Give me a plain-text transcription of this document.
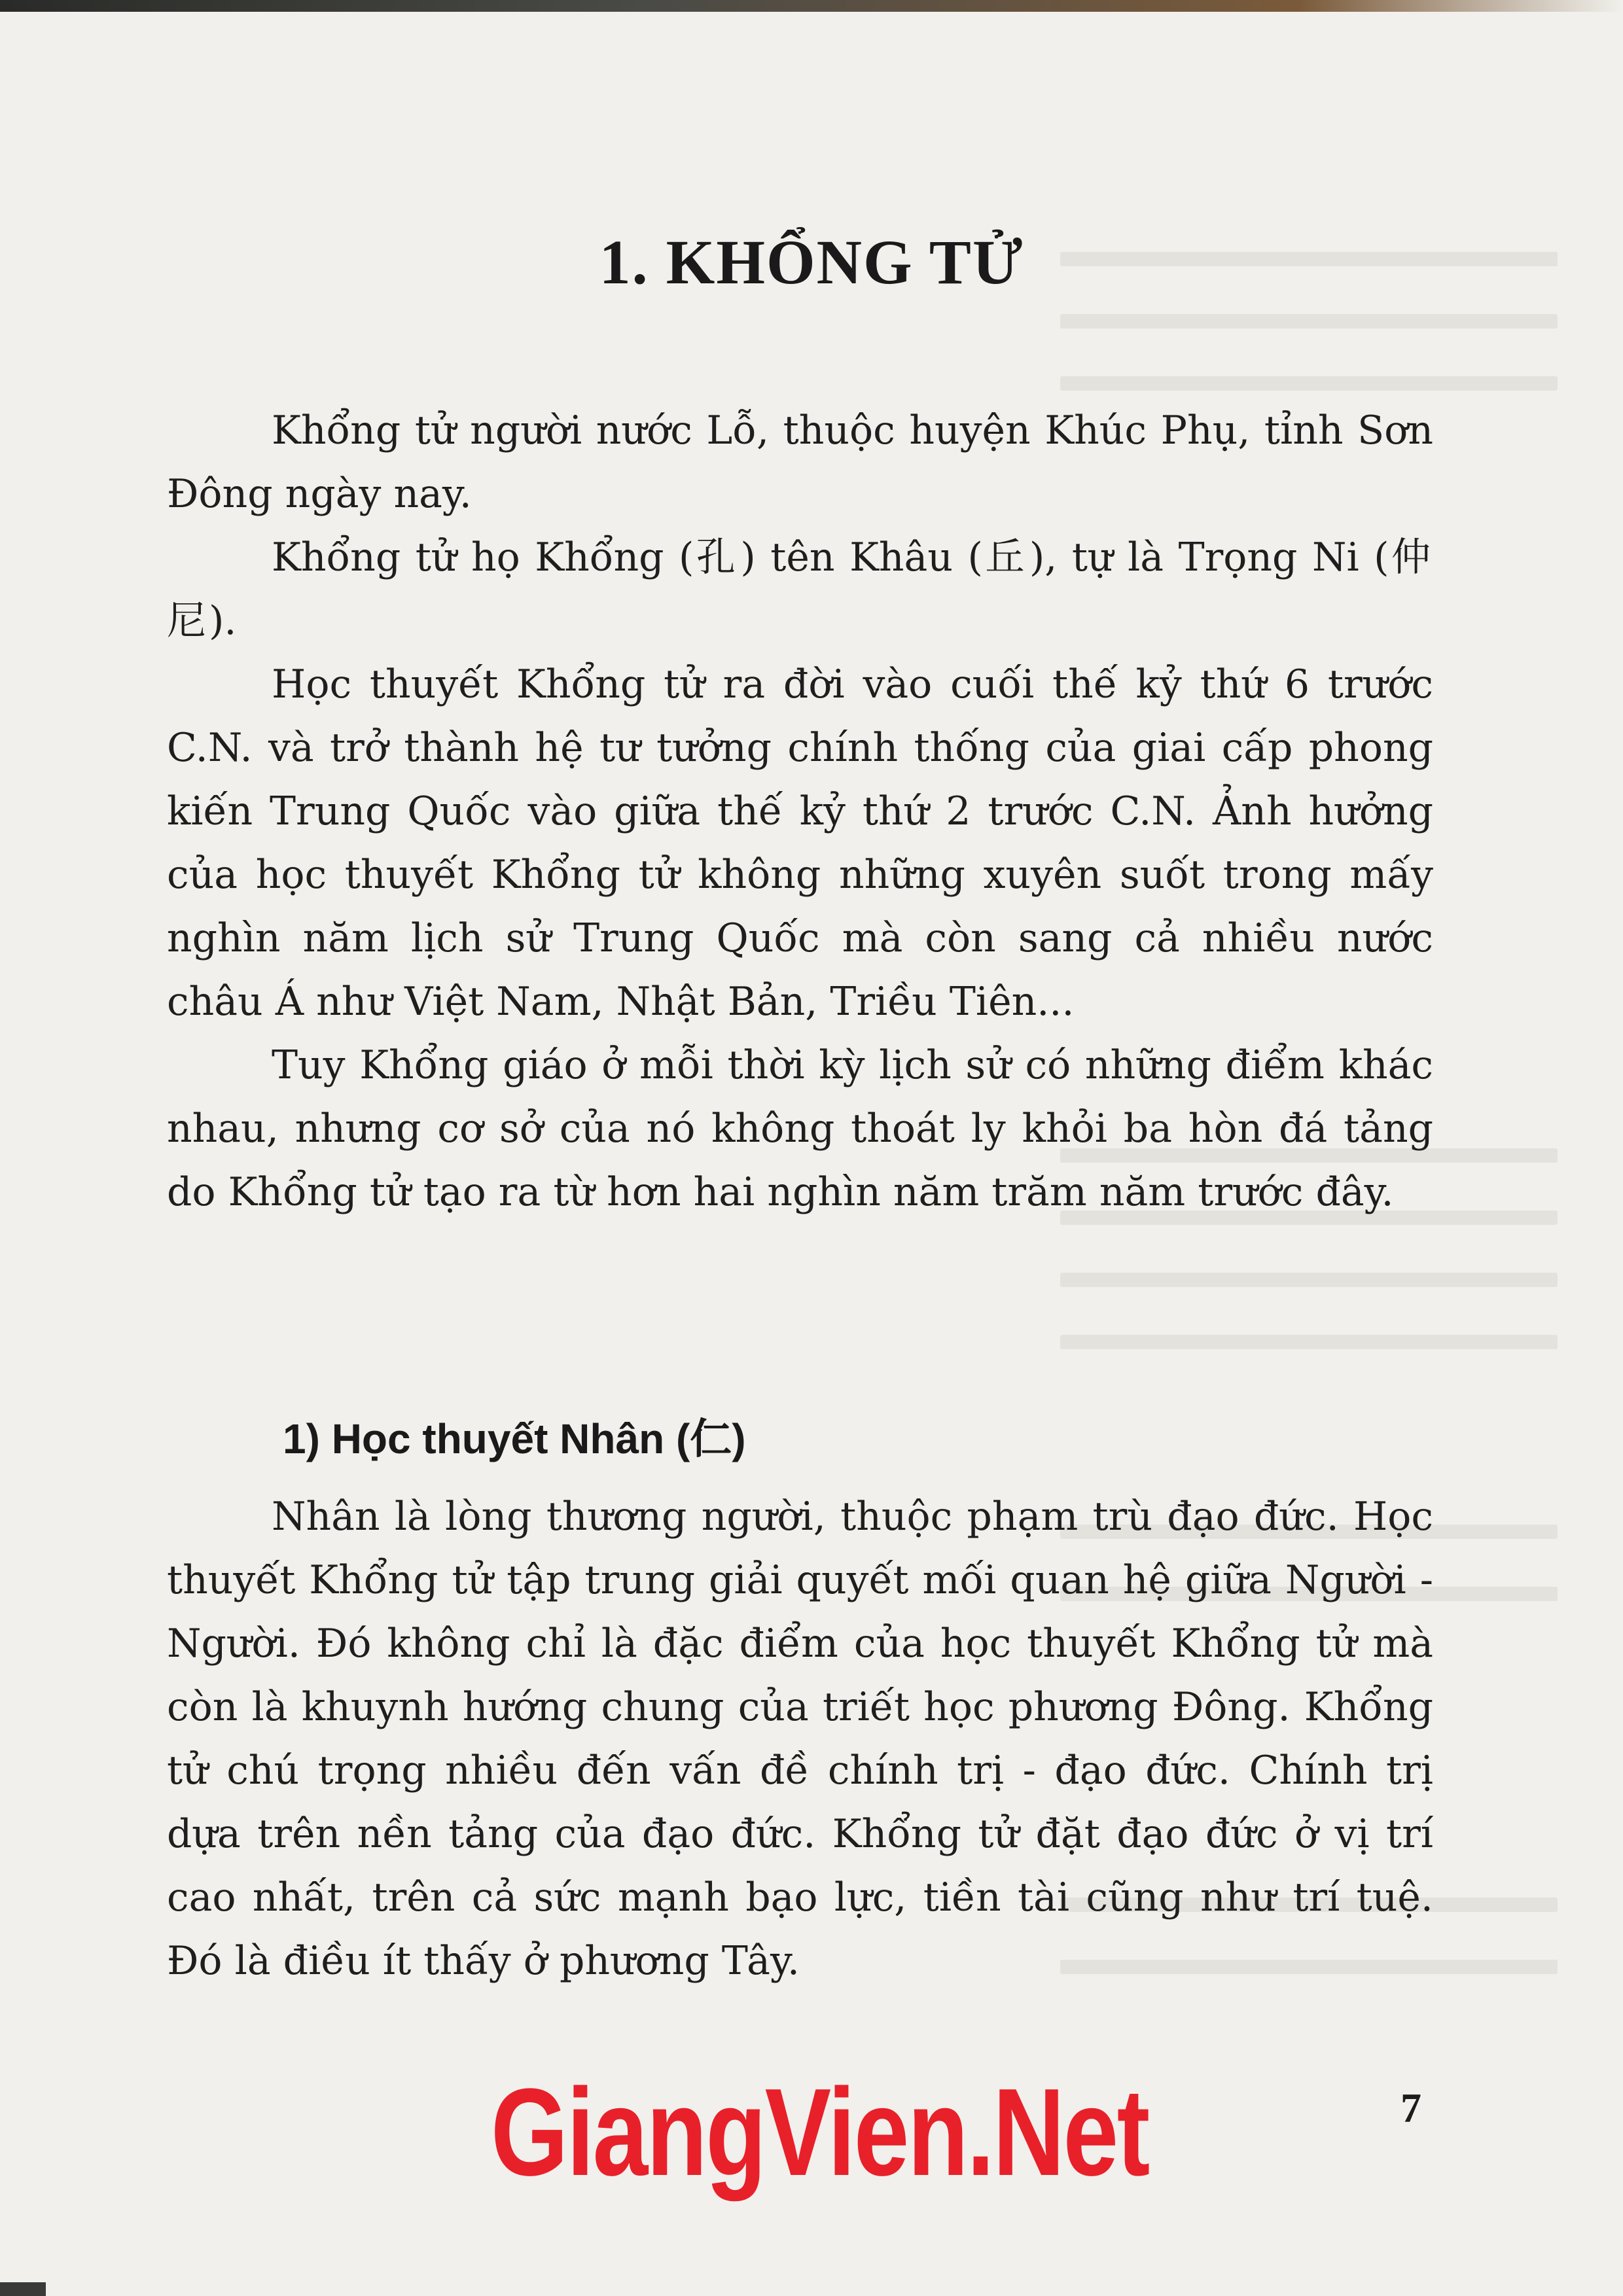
1. KHỔNG TỬ

Khổng tử người nước Lỗ, thuộc huyện Khúc Phụ, tỉnh Sơn Đông ngày nay.

Khổng tử họ Khổng (孔) tên Khâu (丘), tự là Trọng Ni (仲尼).

Học thuyết Khổng tử ra đời vào cuối thế kỷ thứ 6 trước C.N. và trở thành hệ tư tưởng chính thống của giai cấp phong kiến Trung Quốc vào giữa thế kỷ thứ 2 trước C.N. Ảnh hưởng của học thuyết Khổng tử không những xuyên suốt trong mấy nghìn năm lịch sử Trung Quốc mà còn sang cả nhiều nước châu Á như Việt Nam, Nhật Bản, Triều Tiên...

Tuy Khổng giáo ở mỗi thời kỳ lịch sử có những điểm khác nhau, nhưng cơ sở của nó không thoát ly khỏi ba hòn đá tảng do Khổng tử tạo ra từ hơn hai nghìn năm trăm năm trước đây.

1) Học thuyết Nhân (仁)

Nhân là lòng thương người, thuộc phạm trù đạo đức. Học thuyết Khổng tử tập trung giải quyết mối quan hệ giữa Người - Người. Đó không chỉ là đặc điểm của học thuyết Khổng tử mà còn là khuynh hướng chung của triết học phương Đông. Khổng tử chú trọng nhiều đến vấn đề chính trị - đạo đức. Chính trị dựa trên nền tảng của đạo đức. Khổng tử đặt đạo đức ở vị trí cao nhất, trên cả sức mạnh bạo lực, tiền tài cũng như trí tuệ. Đó là điều ít thấy ở phương Tây.

GiangVien.Net	7
